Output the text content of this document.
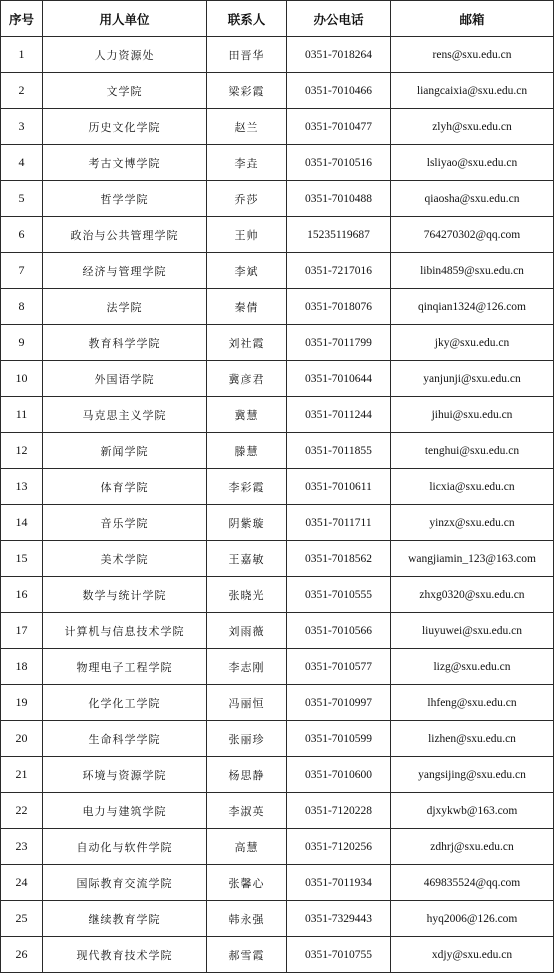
序号	用人单位	联系人	办公电话	邮箱
1	人力资源处	田晋华	0351-7018264	rens@sxu.edu.cn
2	文学院	梁彩霞	0351-7010466	liangcaixia@sxu.edu.cn
3	历史文化学院	赵兰	0351-7010477	zlyh@sxu.edu.cn
4	考古文博学院	李垚	0351-7010516	lsliyao@sxu.edu.cn
5	哲学学院	乔莎	0351-7010488	qiaosha@sxu.edu.cn
6	政治与公共管理学院	王帅	15235119687	764270302@qq.com
7	经济与管理学院	李斌	0351-7217016	libin4859@sxu.edu.cn
8	法学院	秦倩	0351-7018076	qinqian1324@126.com
9	教育科学学院	刘社霞	0351-7011799	jky@sxu.edu.cn
10	外国语学院	冀彦君	0351-7010644	yanjunji@sxu.edu.cn
11	马克思主义学院	冀慧	0351-7011244	jihui@sxu.edu.cn
12	新闻学院	滕慧	0351-7011855	tenghui@sxu.edu.cn
13	体育学院	李彩霞	0351-7010611	licxia@sxu.edu.cn
14	音乐学院	阴紫璇	0351-7011711	yinzx@sxu.edu.cn
15	美术学院	王嘉敏	0351-7018562	wangjiamin_123@163.com
16	数学与统计学院	张晓光	0351-7010555	zhxg0320@sxu.edu.cn
17	计算机与信息技术学院	刘雨薇	0351-7010566	liuyuwei@sxu.edu.cn
18	物理电子工程学院	李志刚	0351-7010577	lizg@sxu.edu.cn
19	化学化工学院	冯丽恒	0351-7010997	lhfeng@sxu.edu.cn
20	生命科学学院	张丽珍	0351-7010599	lizhen@sxu.edu.cn
21	环境与资源学院	杨思静	0351-7010600	yangsijing@sxu.edu.cn
22	电力与建筑学院	李淑英	0351-7120228	djxykwb@163.com
23	自动化与软件学院	高慧	0351-7120256	zdhrj@sxu.edu.cn
24	国际教育交流学院	张馨心	0351-7011934	469835524@qq.com
25	继续教育学院	韩永强	0351-7329443	hyq2006@126.com
26	现代教育技术学院	郝雪霞	0351-7010755	xdjy@sxu.edu.cn
